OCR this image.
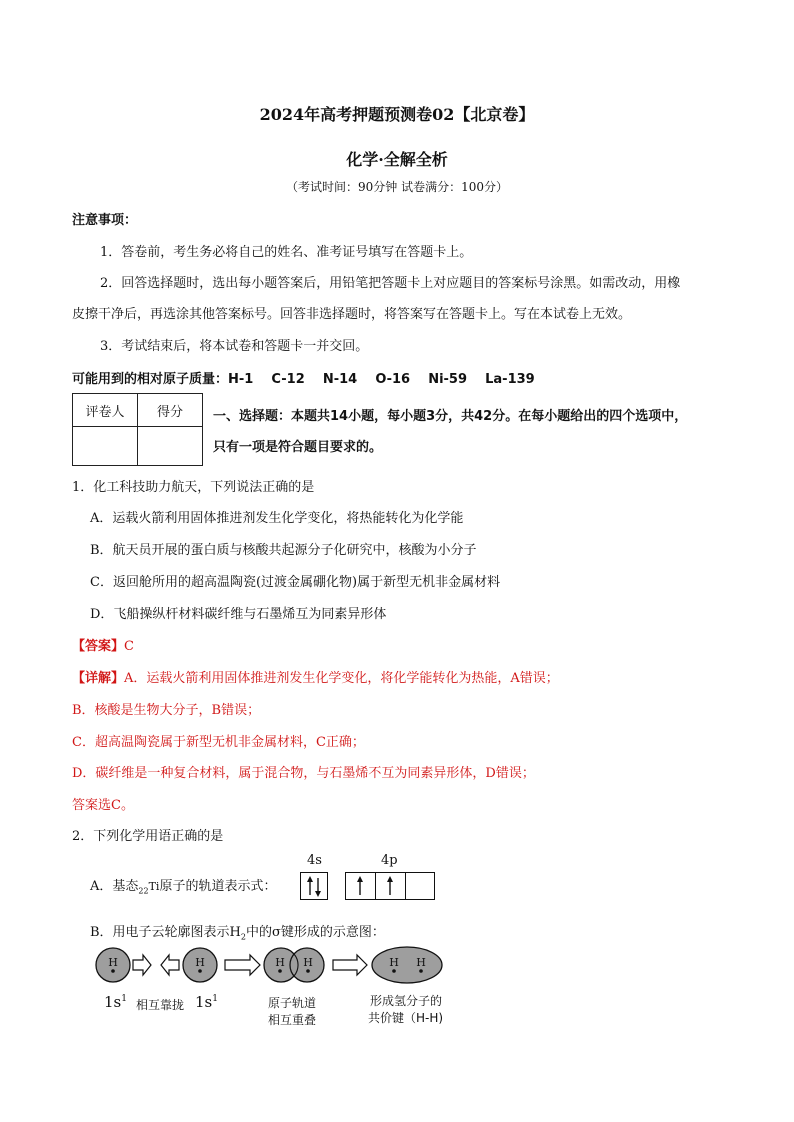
2024年高考押题预测卷02【北京卷】
化学·全解全析
（考试时间：90分钟 试卷满分：100分）
注意事项：
1．答卷前，考生务必将自己的姓名、准考证号填写在答题卡上。
2．回答选择题时，选出每小题答案后，用铅笔把答题卡上对应题目的答案标号涂黑。如需改动，用橡
皮擦干净后，再选涂其他答案标号。回答非选择题时，将答案写在答题卡上。写在本试卷上无效。
3．考试结束后，将本试卷和答题卡一并交回。
可能用到的相对原子质量：H-1    C-12    N-14    O-16    Ni-59    La-139
评卷人	得分
	一、选择题：本题共14小题，每小题3分，共42分。在每小题给出的四个选项中，
只有一项是符合题目要求的。
1．化工科技助力航天，下列说法正确的是
A．运载火箭利用固体推进剂发生化学变化，将热能转化为化学能
B．航天员开展的蛋白质与核酸共起源分子化研究中，核酸为小分子
C．返回舱所用的超高温陶瓷(过渡金属硼化物)属于新型无机非金属材料
D．飞船操纵杆材料碳纤维与石墨烯互为同素异形体
【答案】C
【详解】A．运载火箭利用固体推进剂发生化学变化，将化学能转化为热能，A错误；
B．核酸是生物大分子，B错误；
C．超高温陶瓷属于新型无机非金属材料，C正确；
D．碳纤维是一种复合材料，属于混合物，与石墨烯不互为同素异形体，D错误；
答案选C。
2．下列化学用语正确的是
4s	4p
A．基态$_{22}$Ti原子的轨道表示式：
B．用电子云轮廓图表示$H_2$中的σ键形成的示意图：
H	H	H H	H H
$1s^1$ 相互靠拢 $1s^1$	原子轨道
相互重叠
形成氢分子的
共价键（H-H)
